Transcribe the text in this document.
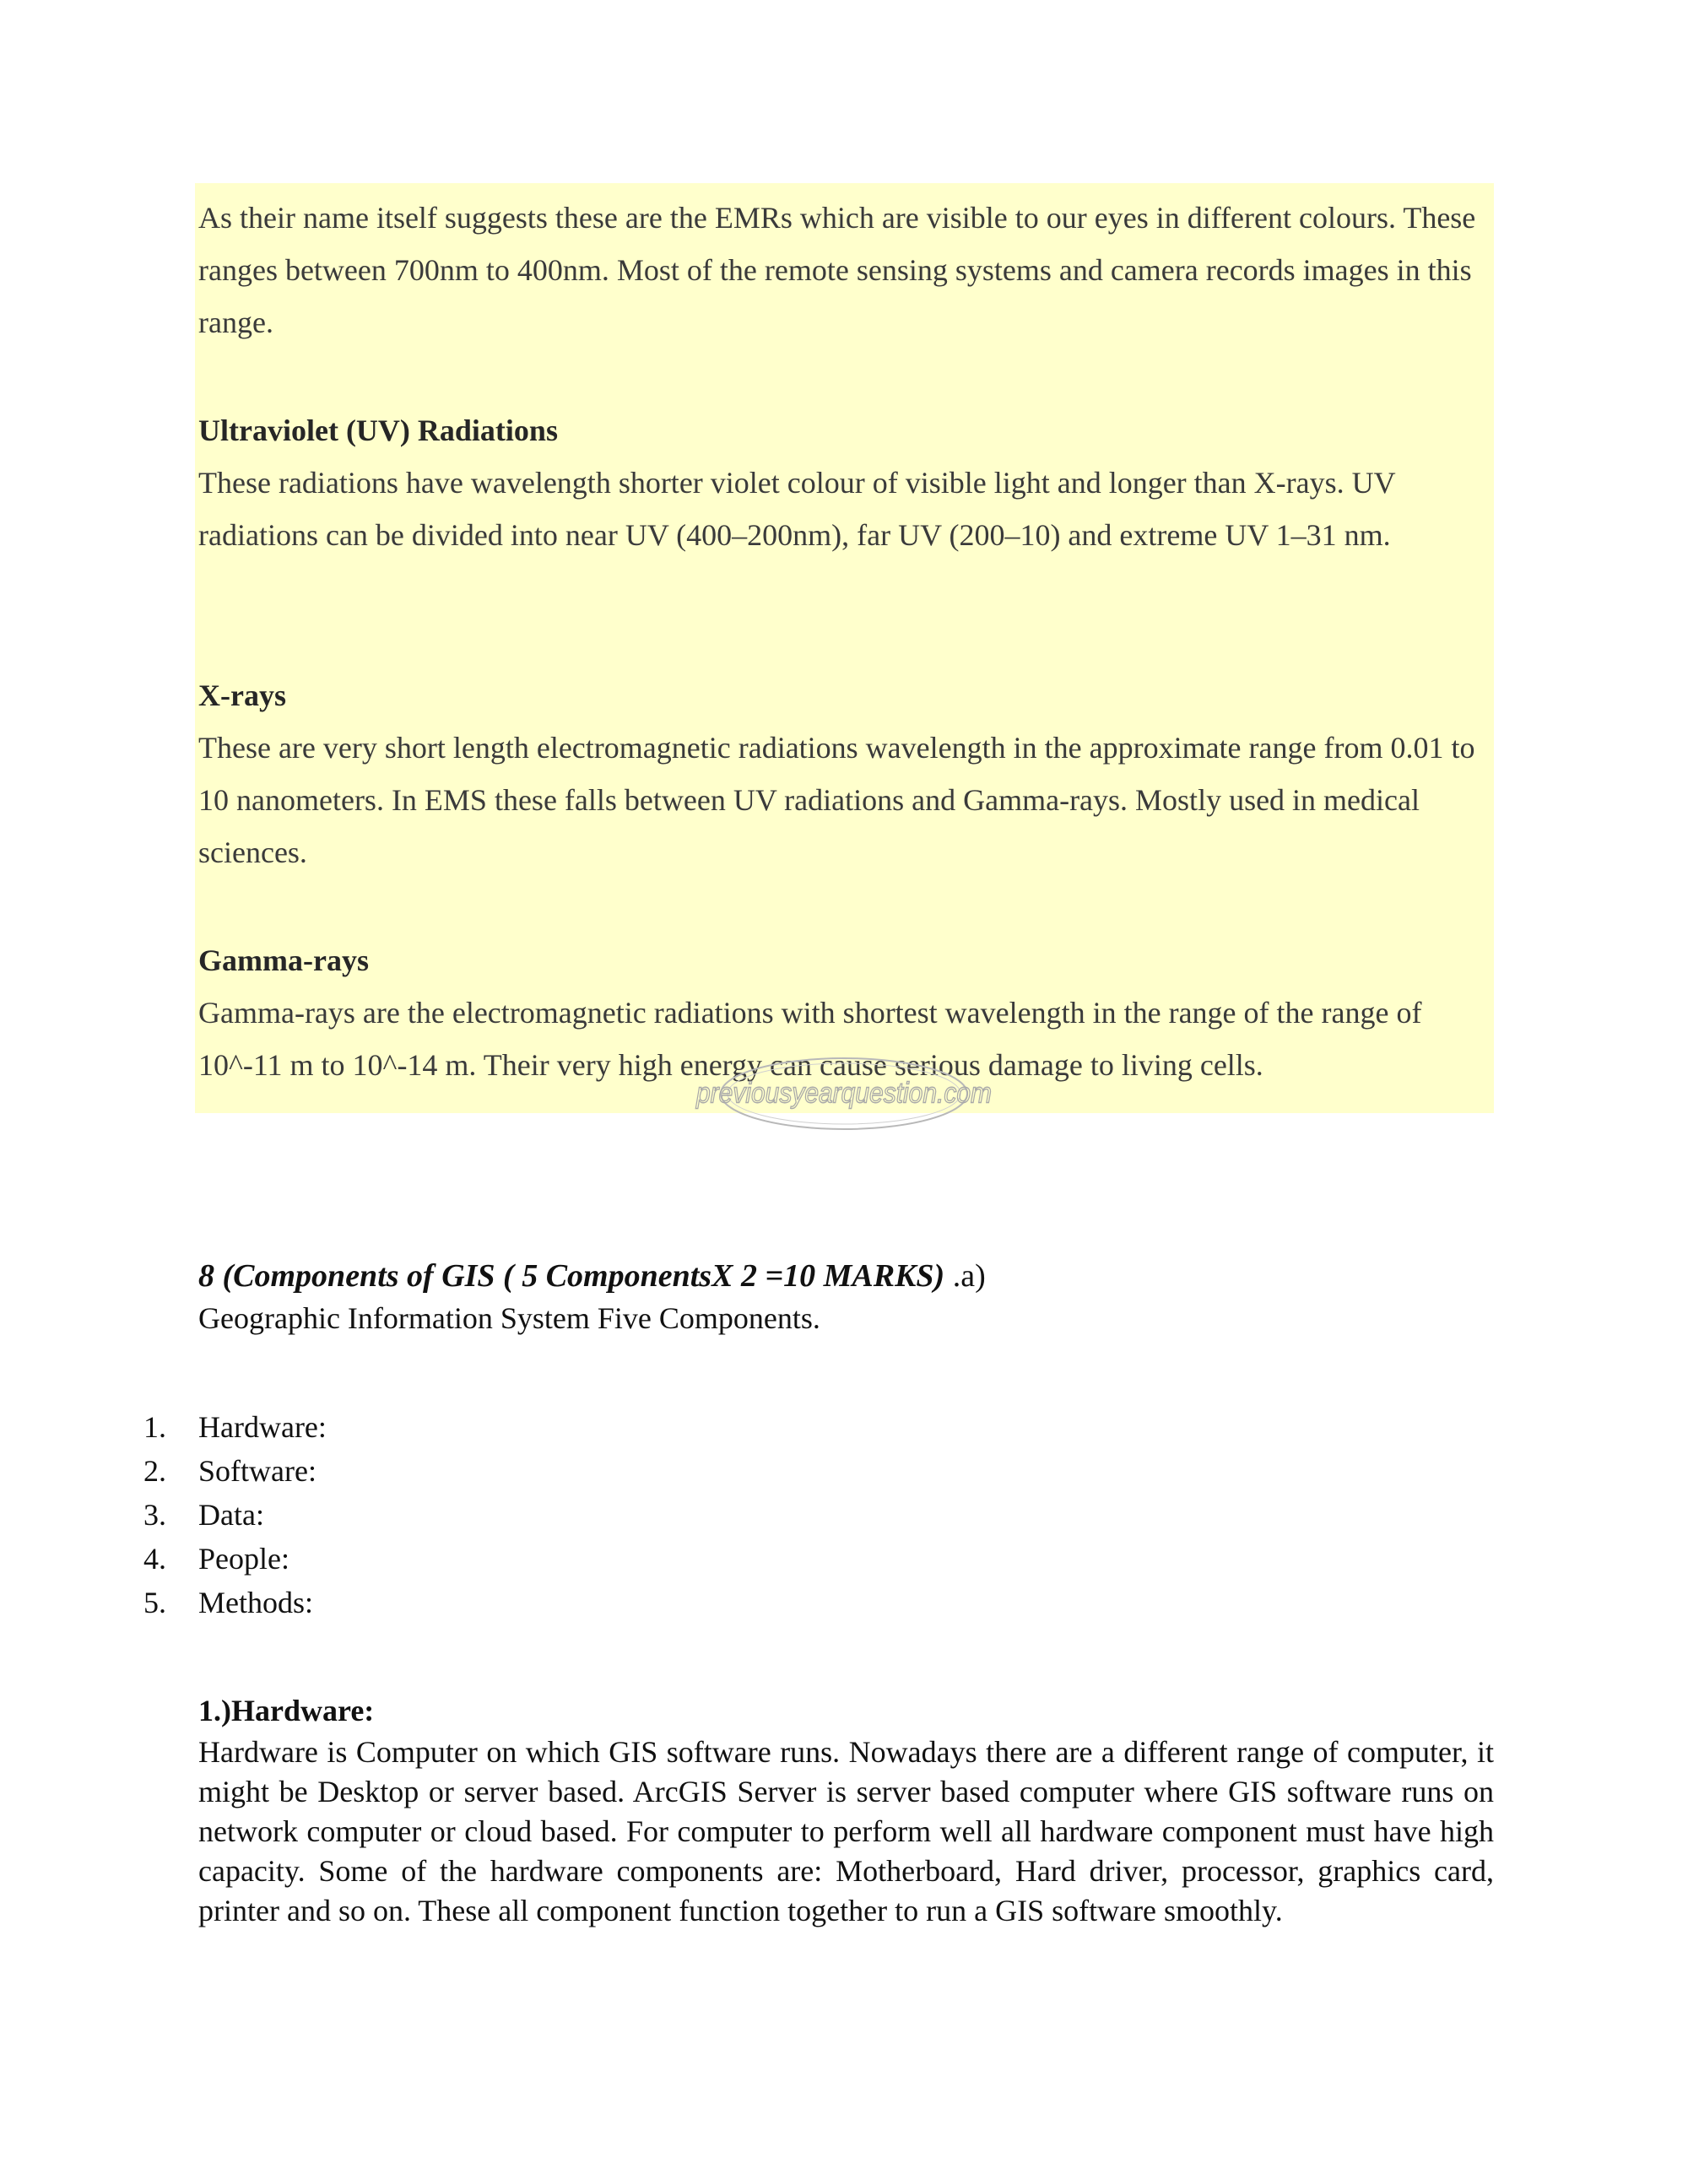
As their name itself suggests these are the EMRs which are visible to our eyes in different colours. These ranges between 700nm to 400nm. Most of the remote sensing systems and camera records images in this range.

Ultraviolet (UV) Radiations

These radiations have wavelength shorter violet colour of visible light and longer than X-rays. UV radiations can be divided into near UV (400–200nm), far UV (200–10) and extreme UV 1–31 nm.

X-rays

These are very short length electromagnetic radiations wavelength in the approximate range from 0.01 to 10 nanometers. In EMS these falls between UV radiations and Gamma-rays. Mostly used in medical sciences.

Gamma-rays

Gamma-rays are the electromagnetic radiations with shortest wavelength in the range of the range of 10^-11 m to 10^-14 m. Their very high energy can cause serious damage to living cells.

previousyearquestion.com

8 (Components of GIS ( 5 ComponentsX 2 =10 MARKS) .a)

Geographic Information System Five Components.

1.	Hardware:
2.	Software:
3.	Data:
4.	People:
5.	Methods:

1.)Hardware:

Hardware is Computer on which GIS software runs. Nowadays there are a different range of computer, it might be Desktop or server based. ArcGIS Server is server based computer where GIS software runs on network computer or cloud based. For computer to perform well all hardware component must have high capacity. Some of the hardware components are: Motherboard, Hard driver, processor, graphics card, printer and so on. These all component function together to run a GIS software smoothly.
